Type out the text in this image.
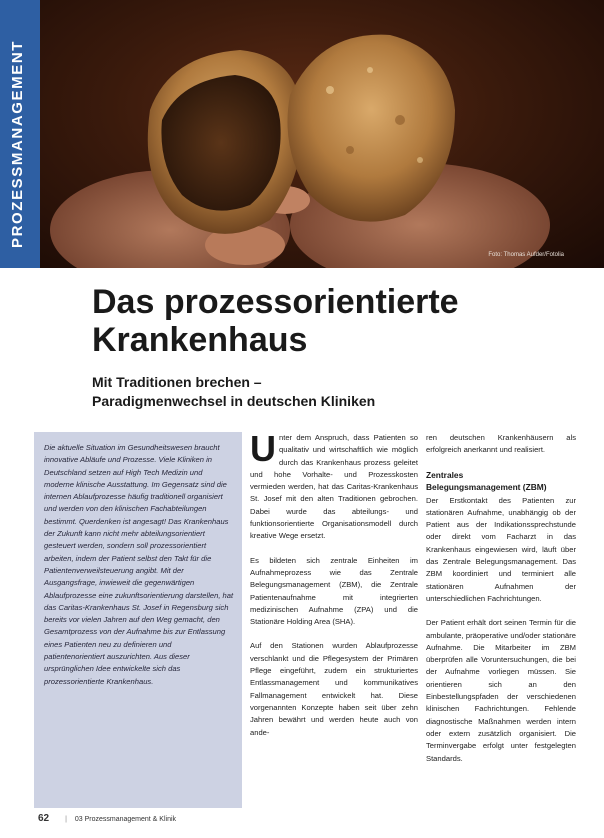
PROZESSMANAGEMENT
Foto: Thomas Aufder/Fotolia
Das prozessorientierte
Krankenhaus
Mit Traditionen brechen –
Paradigmenwechsel in deutschen Kliniken

Die aktuelle Situation im Gesundheitswesen braucht innovative Abläufe und Prozesse. Viele Kliniken in Deutschland setzen auf High Tech Medizin und moderne klinische Ausstattung. Im Gegensatz sind die internen Ablaufprozesse häufig traditionell organisiert und werden von den klinischen Fachabteilungen bestimmt. Querdenken ist angesagt! Das Krankenhaus der Zukunft kann nicht mehr abteilungsorientiert gesteuert werden, sondern soll prozessorientiert arbeiten, indem der Patient selbst den Takt für die Patientenverweilsteuerung angibt. Mit der Ausgangsfrage, inwieweit die gegenwärtigen Ablaufprozesse eine zukunftsorientierung darstellen, hat das Caritas-Krankenhaus St. Josef in Regensburg sich bereits vor vielen Jahren auf den Weg gemacht, den Gesamtprozess von der Aufnahme bis zur Entlassung eines Patienten neu zu definieren und patientenorientiert auszurichten. Aus dieser ursprünglichen Idee entwickelte sich das prozessorientierte Krankenhaus.

Unter dem Anspruch, dass Patienten so qualitativ und wirtschaftlich wie möglich durch das Krankenhaus prozess geleitet und hohe Vorhalte- und Prozesskosten vermieden werden, hat das Caritas-Krankenhaus St. Josef mit den alten Traditionen gebrochen. Dabei wurde das abteilungs- und funktionsorientierte Organisationsmodell durch kreative Wege ersetzt.

Es bildeten sich zentrale Einheiten im Aufnahmeprozess wie das Zentrale Belegungsmanagement (ZBM), die Zentrale Patientenaufnahme mit integrierten medizinischen Aufnahme (ZPA) und die Stationäre Holding Area (SHA).

Auf den Stationen wurden Ablaufprozesse verschlankt und die Pflegesystem der Primären Pflege eingeführt, zudem ein strukturiertes Entlassmanagement und kommunikatives Fallmanagement entwickelt hat. Diese vorgenannten Konzepte haben seit über zehn Jahren bewährt und werden heute auch von ande-

ren deutschen Krankenhäusern als erfolgreich anerkannt und realisiert.

Zentrales
Belegungsmanagement (ZBM)

Der Erstkontakt des Patienten zur stationären Aufnahme, unabhängig ob der Patient aus der Indikationssprechstunde oder direkt vom Facharzt in das Krankenhaus eingewiesen wird, läuft über das Zentrale Belegungsmanagement. Das ZBM koordiniert und terminiert alle stationären Aufnahmen der unterschiedlichen Fachrichtungen.

Der Patient erhält dort seinen Termin für die ambulante, präoperative und/oder stationäre Aufnahme. Die Mitarbeiter im ZBM überprüfen alle Voruntersuchungen, die bei der Aufnahme vorliegen müssen. Sie orientieren sich an den Einbestellungspfaden der verschiedenen klinischen Fachrichtungen. Fehlende diagnostische Maßnahmen werden intern oder extern zusätzlich organisiert. Die Terminvergabe erfolgt unter festgelegten Standards.

62 | 03 Prozessmanagement & Klinik
